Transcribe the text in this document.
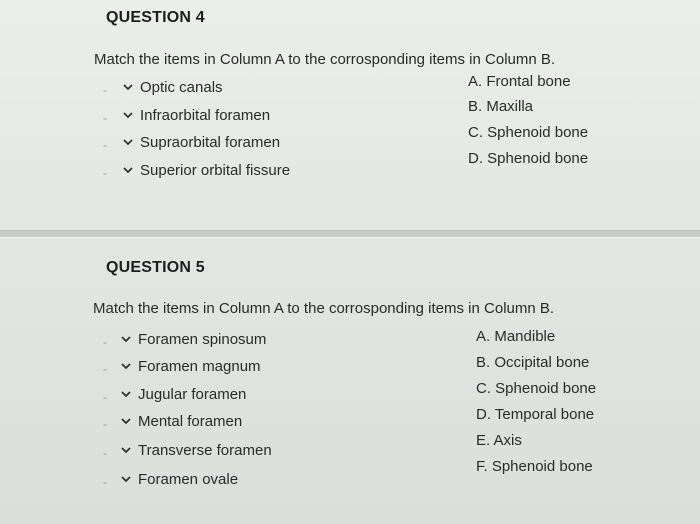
QUESTION 4
Match the items in Column A to the corrosponding items in Column B.
- Optic canals
- Infraorbital foramen
- Supraorbital foramen
- Superior orbital fissure
A. Frontal bone
B. Maxilla
C. Sphenoid bone
D. Sphenoid bone
QUESTION 5
Match the items in Column A to the corrosponding items in Column B.
- Foramen spinosum
- Foramen magnum
- Jugular foramen
- Mental foramen
- Transverse foramen
- Foramen ovale
A. Mandible
B. Occipital bone
C. Sphenoid bone
D. Temporal bone
E. Axis
F. Sphenoid bone
